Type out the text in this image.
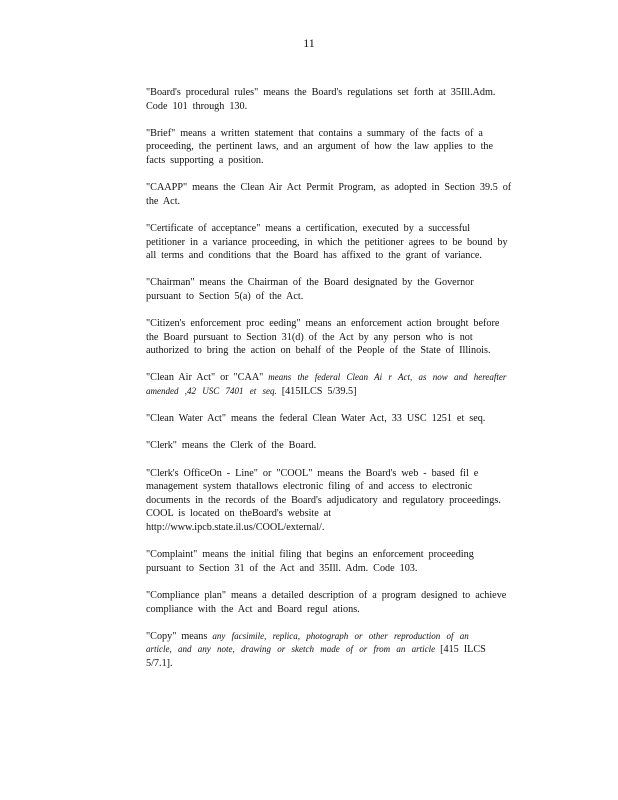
11

"Board's procedural rules" means the Board's regulations set forth at 35Ill.Adm.
Code 101 through 130.

"Brief" means a written statement that contains a summary of the facts of a
proceeding, the pertinent laws, and an argument of how the law applies to the
facts supporting a position.

"CAAPP" means the Clean Air Act Permit Program, as adopted in Section 39.5 of
the Act.

"Certificate of acceptance" means a certification, executed by a successful
petitioner in a variance proceeding, in which the petitioner agrees to be bound by
all terms and conditions that the Board has affixed to the grant of variance.

"Chairman" means the Chairman of the Board designated by the Governor
pursuant to Section 5(a) of the Act.

"Citizen's enforcement proc eeding" means an enforcement action brought before
the Board pursuant to Section 31(d) of the Act by any person who is not
authorized to bring the action on behalf of the People of the State of Illinois.

"Clean Air Act" or "CAA" means the federal Clean Ai r Act, as now and hereafter
amended ,42 USC 7401 et seq. [415ILCS 5/39.5]

"Clean Water Act" means the federal Clean Water Act, 33 USC 1251 et seq.

"Clerk" means the Clerk of the Board.

"Clerk's OfficeOn - Line" or "COOL" means the Board's web - based fil e
management system thatallows electronic filing of and access to electronic
documents in the records of the Board's adjudicatory and regulatory proceedings.
COOL is located on theBoard's website at
http://www.ipcb.state.il.us/COOL/external/.

"Complaint" means the initial filing that begins an enforcement proceeding
pursuant to Section 31 of the Act and 35Ill. Adm. Code 103.

"Compliance plan" means a detailed description of a program designed to achieve
compliance with the Act and Board regul ations.

"Copy" means any facsimile, replica, photograph or other reproduction of an
article, and any note, drawing or sketch made of or from an article [415 ILCS
5/7.1].
